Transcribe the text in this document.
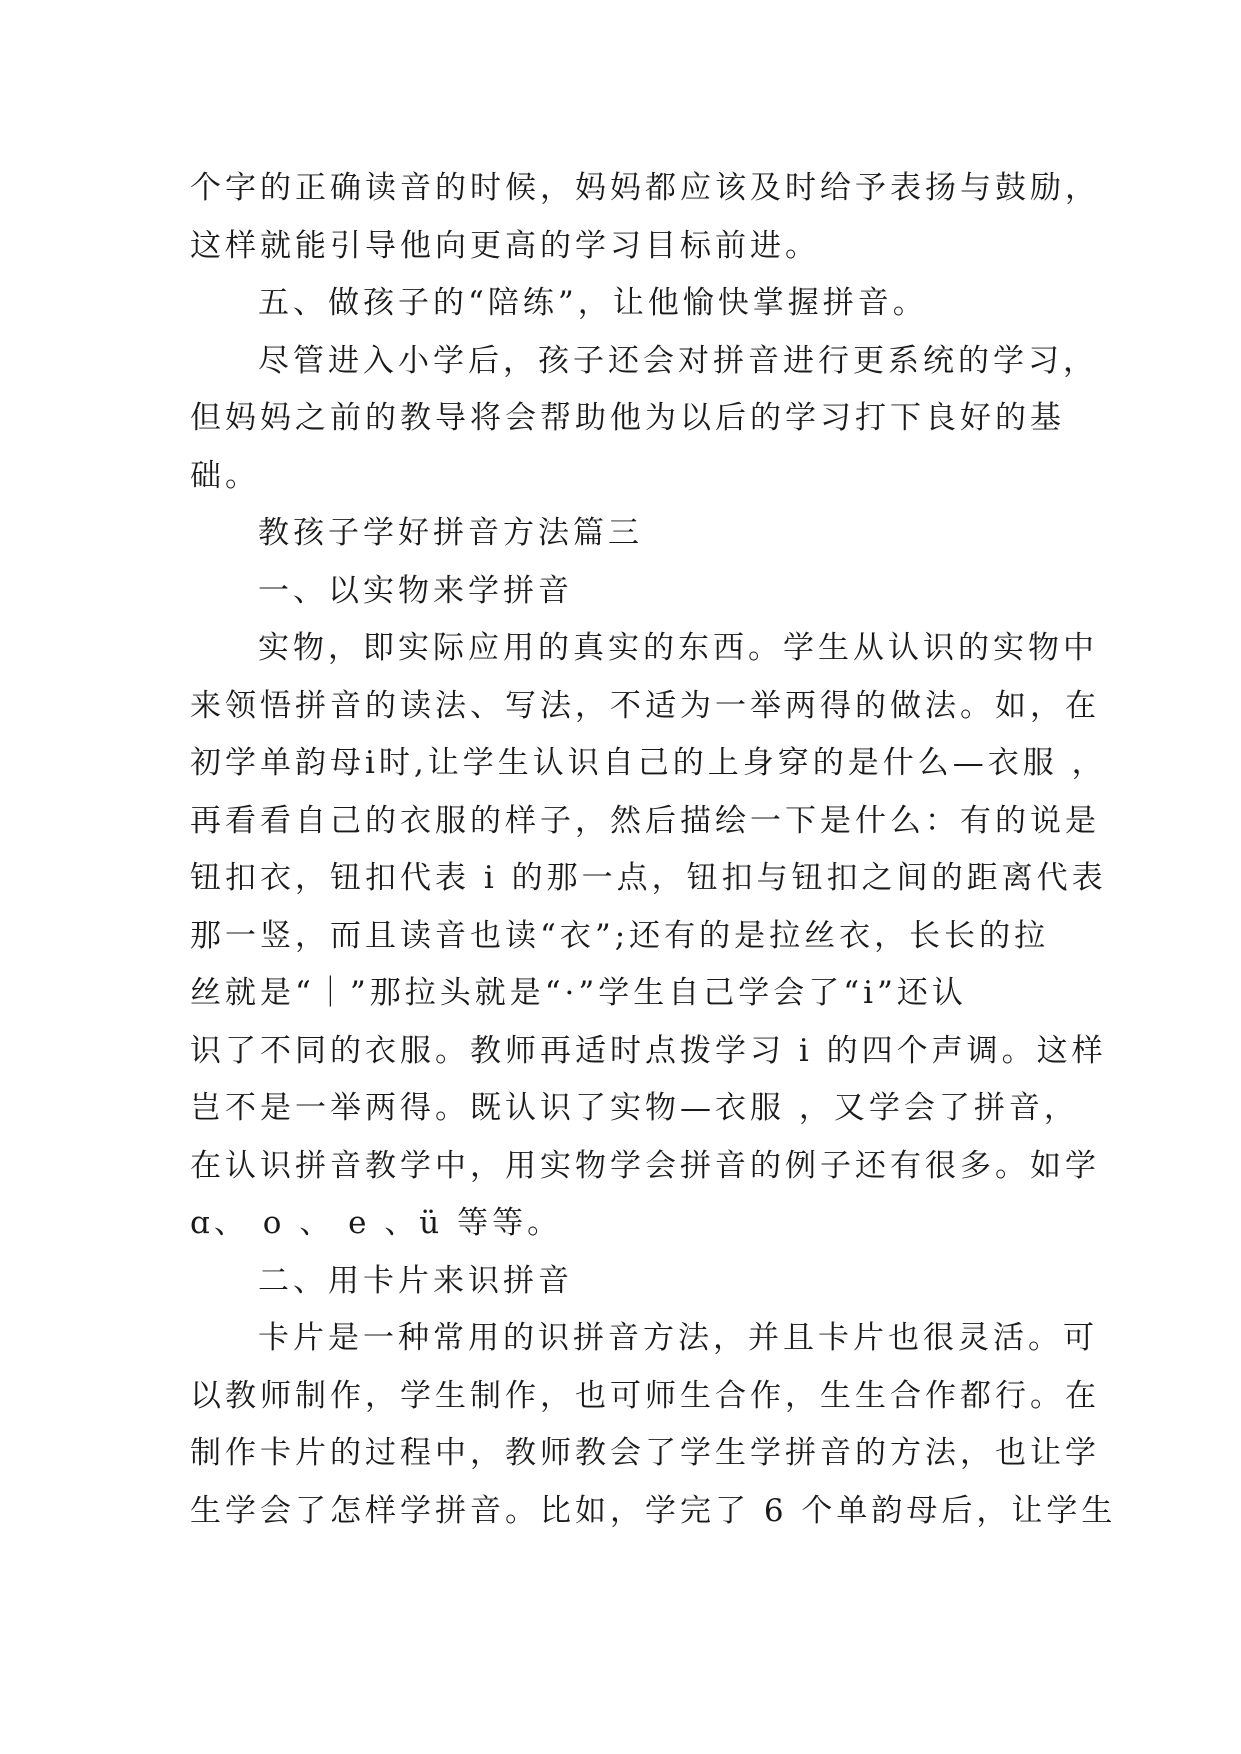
个字的正确读音的时候，妈妈都应该及时给予表扬与鼓励，
这样就能引导他向更高的学习目标前进。
五、做孩子的“陪练”，让他愉快掌握拼音。
尽管进入小学后，孩子还会对拼音进行更系统的学习，
但妈妈之前的教导将会帮助他为以后的学习打下良好的基
础。
教孩子学好拼音方法篇三
一、以实物来学拼音
实物，即实际应用的真实的东西。学生从认识的实物中
来领悟拼音的读法、写法，不适为一举两得的做法。如，在
初学单韵母i时,让学生认识自己的上身穿的是什么—衣服 ，
再看看自己的衣服的样子，然后描绘一下是什么：有的说是
钮扣衣，钮扣代表 i 的那一点，钮扣与钮扣之间的距离代表
那一竖，而且读音也读“衣”;还有的是拉丝衣，长长的拉
丝就是“｜”那拉头就是“·”学生自己学会了“i”还认
识了不同的衣服。教师再适时点拨学习 i 的四个声调。这样
岂不是一举两得。既认识了实物—衣服 ，又学会了拼音，
在认识拼音教学中，用实物学会拼音的例子还有很多。如学
ɑ、 o 、 e 、ü 等等。
二、用卡片来识拼音
卡片是一种常用的识拼音方法，并且卡片也很灵活。可
以教师制作，学生制作，也可师生合作，生生合作都行。在
制作卡片的过程中，教师教会了学生学拼音的方法，也让学
生学会了怎样学拼音。比如，学完了 6 个单韵母后，让学生
